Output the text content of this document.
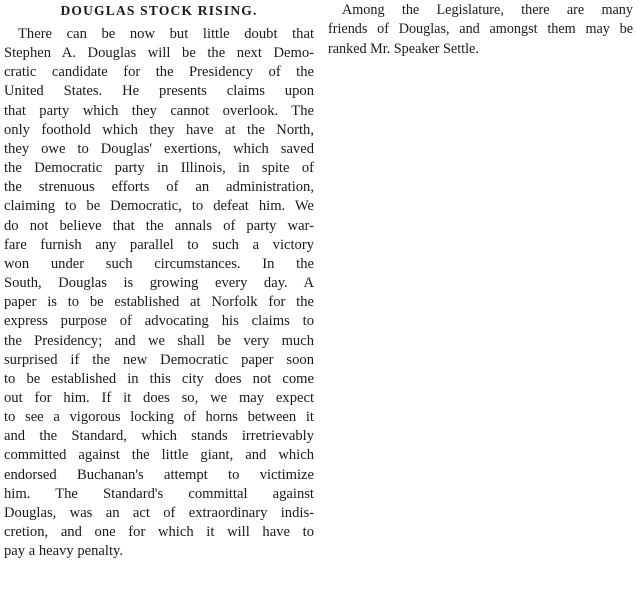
DOUGLAS STOCK RISING.
There can be now but little doubt that
Stephen A. Douglas will be the next Demo-
cratic candidate for the Presidency of the
United States. He presents claims upon
that party which they cannot overlook. The
only foothold which they have at the North,
they owe to Douglas' exertions, which saved
the Democratic party in Illinois, in spite of
the strenuous efforts of an administration,
claiming to be Democratic, to defeat him. We
do not believe that the annals of party war-
fare furnish any parallel to such a victory
won under such circumstances. In the
South, Douglas is growing every day. A
paper is to be established at Norfolk for the
express purpose of advocating his claims to
the Presidency; and we shall be very much
surprised if the new Democratic paper soon
to be established in this city does not come
out for him. If it does so, we may expect
to see a vigorous locking of horns between it
and the Standard, which stands irretrievably
committed against the little giant, and which
endorsed Buchanan's attempt to victimize
him. The Standard's committal against
Douglas, was an act of extraordinary indis-
cretion, and one for which it will have to
pay a heavy penalty.
Among the Legislature, there are many
friends of Douglas, and amongst them may be
ranked Mr. Speaker Settle.
